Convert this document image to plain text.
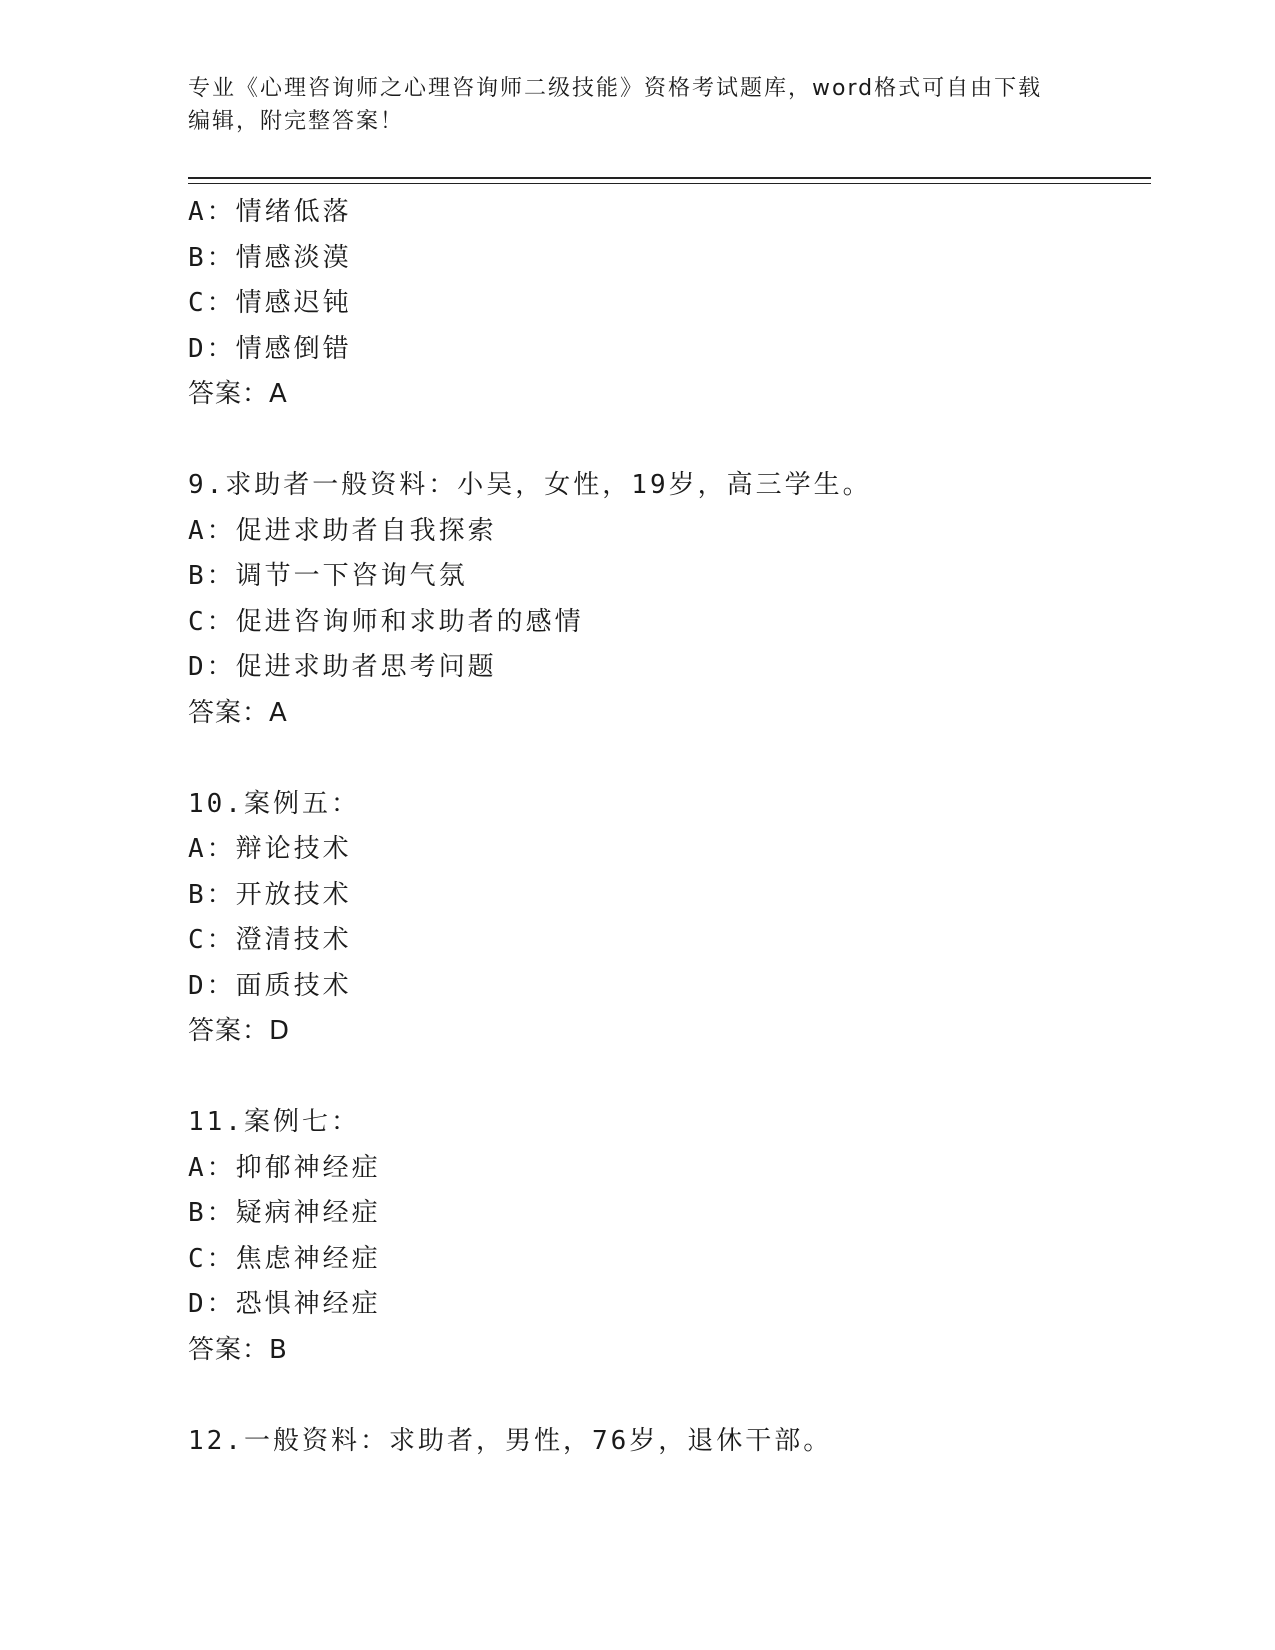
专业《心理咨询师之心理咨询师二级技能》资格考试题库，word格式可自由下载
编辑，附完整答案！
A：情绪低落
B：情感淡漠
C：情感迟钝
D：情感倒错
答案：A
9.求助者一般资料：小吴，女性，19岁，高三学生。
A：促进求助者自我探索
B：调节一下咨询气氛
C：促进咨询师和求助者的感情
D：促进求助者思考问题
答案：A
10.案例五：
A：辩论技术
B：开放技术
C：澄清技术
D：面质技术
答案：D
11.案例七：
A：抑郁神经症
B：疑病神经症
C：焦虑神经症
D：恐惧神经症
答案：B
12.一般资料：求助者，男性，76岁，退休干部。
